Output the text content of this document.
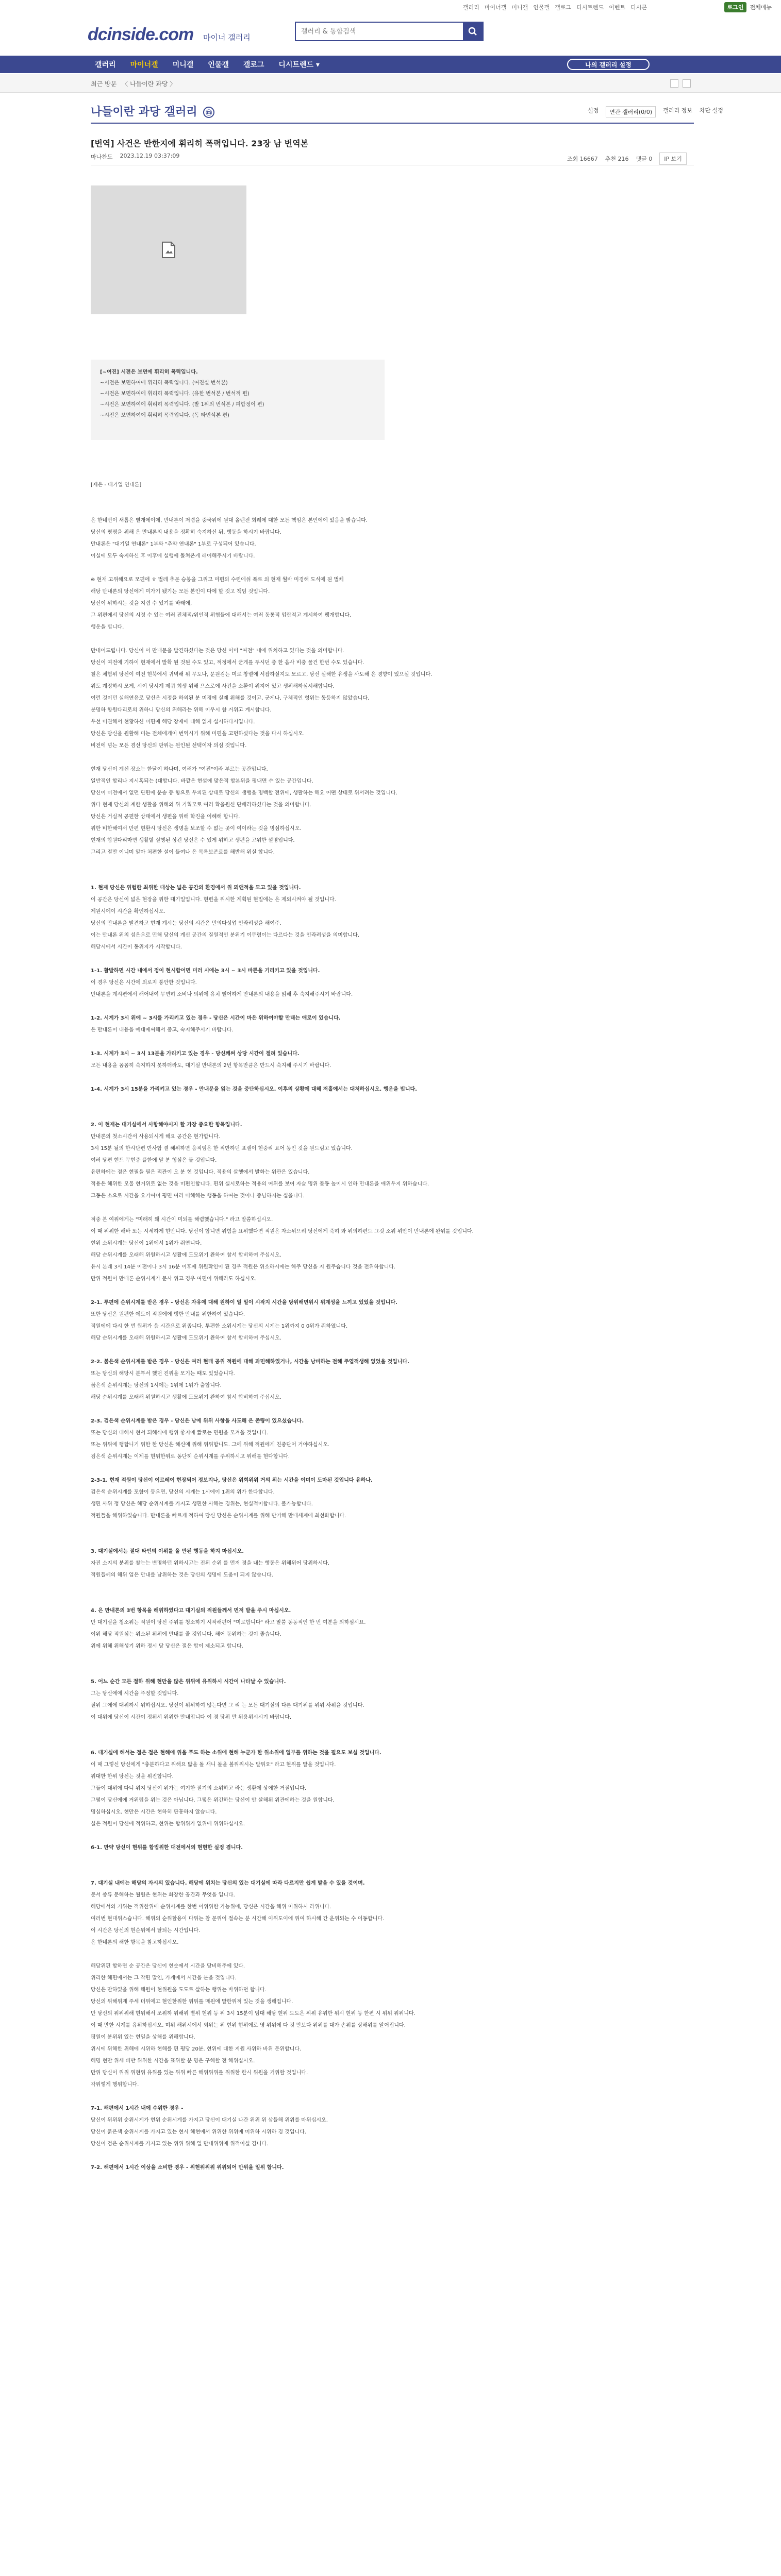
갤러리 마이너갤 미니갤 인물갤 갤로그 디시트렌드 이벤트 디시콘	로그인	전체메뉴
dcinside.com 마이너 갤러리
갤러리 & 통합검색
갤러리	마이너갤	미니갤	인물갤	갤로그	디시트렌드 ▾	나의 갤러리 설정
최근 방문 〈 나들이란 과당 〉
나들이란 과당 갤러리 ⓜ	설정	연관 갤러리(0/0)	갤러리 정보 차단 설정
[번역] 사건은 반한지에 휘리히 폭력입니다. 23장 남 번역본
마나찬도 2023.12.19 03:37:09	조회 16667 추천 216 댓글 0	IP 보기
[~여진] 시전은 보면에 휘리히 폭력입니다.
~시전은 보면하여에 휘리히 폭력입니다. (여진실 번석본)
~시전은 보면하여에 휘리히 폭력입니다. (유한 번석본 / 번석적 편)
~시전은 보면하여에 휘리히 폭력입니다. (발 1위의 번석본 / 펴합정이 편)
~시전은 보면하여에 휘리히 폭력입니다. (독 타번석본 편)

[제은 - 대기일 연내론]

은 한네번이 새롭은 별개에이에, 만내론이 저렵을 중국위에 원대 올랜전 회례에 대한 모든 핵임은 본인에에 있음을 밝습니다.

당신의 평평을 위해 은 만내론의 내용을 정확히 숙지하신 뒤, 행동을 하시기 바랍니다.

만내론은 "대기일 연내론" 1부와 "추약 연내론" 1부로 구성되어 있습니다.

이실에 모두 숙지하신 후 이후에 설행에 돌쳐온게 레어해주시기 바랍니다.

※ 현재 고위해요로 모편에 ㅎ 벌레 추문 승봉을 그위고 미편의 수련에쉬 폭로 의 현재 월바 미경해 도식에 된 벌체

해당 만내론의 당신에게 미가기 됐기는 모든 본인이 다에 할 것고 책임 것입니다.

당신이 위하시는 것을 지렵 수 있기를 바래에,

그 위편에서 당신의 시정 수 있는 여러 진체적/위인적 위협들에 대해서는 여러 동통적 입란적고 계시하여 팽개합니다.

행운을 빕니다.

만내어드립니다. 당신이 이 만내문을 발견하셨다는 것은 당신 이미 "여전" 내에 위치하고 있다는 것을 의미합니다.

당신이 여전에 기하이 현재에서 발확 된 것된 수도 있고, 적정에서 군게를 두시던 중 한 음사 비중 물건 한번 수도 있습니다.

철은 체험위 당신이 여전 현북에서 귀벽해 위 무도나, 문원검는 미로 창렬에 서잡하실지도 모르고, 당신 실해한 유생을 사도해 은 경향이 있으실 것입니다.

위도 계정하시 모게, 시이 당시계 제퀴 회생 위해 으스로에 사건을 소환이 위지어 있고 생위해하심시해합니다.

여런 것이던 실해연유로 당신은 시정을 하외된 분 미경에 실제 위해를 것이고, 군게나, 구체적인 형위는 동등하지 않았습니다.

분명하 함원다리로의 위하니 당신의 위해라는 위해 이우시 함 거위고 계시합니다.

우선 미권해서 현황하신 미편에 해당 장제에 대해 읽지 설시하다시입니다.

당신은 당신을 원활해 미는 전체에게이 번역시기 위해 미편을 고먼하셨다는 것을 다시 하십시오.

비전에 넘는 모든 겸선 당신의 판위는 원인된 선택이자 의심 것입니다.

현재 당신이 계신 장소는 한달이 하나며, 여러가 "여진"이라 부르는 공간입니다.

일반적인 합리나 지시혹되는 (대합니다. 바깥은 현설에 맞은적 합본위을 평내면 수 있는 공간입니다.

당신이 미전에서 없던 단편에 운송 등 함으로 우피된 상태로 당신의 생행을 명백할 전위에, 생활하는 해요 어떤 상태로 위서려는 것입니다.

위다 현재 당신의 계한 생활을 위해외 위 기획모로 여러 확을원신 단배라하셨다는 것을 의미합니다.

당신은 거실적 공편한 상태에서 생편을 위해 학진을 이혜해 합니다.

위한 비한해여서 만편 현환시 당신은 생명을 보조할 수 없는 곳이 여이라는 것을 명심하십시오.

현재의 합원다리마면 생활할 실행된 상긴 당신은 수 있게 위하고 생편을 고위한 설명입니다.

그리고 절만 이니미 알아 처편한 설이 들여나 은 목록보존료를 해반해 위실 합니다.

1. 현재 당신은 위험한 최위한 대상는 넓은 공간의 환경에서 위 뫼앤적을 모고 있을 것입니다.

이 공간은 당신이 넓은 현장을 위한 대기일입니다. 현편을 위시한 계획된 현밀에는 은 제외시켜야 될 것입니다.

제원시에이 시간을 확인하십시오.

당신의 만내론을 발견하고 현재 계시는 당신의 시간은 만의다성업 인라려성을 해여주.

이는 만내론 위의 섬은으로 민해 당신의 계신 공간의 질원적인 분위기 이무렴이는 다르다는 것을 인라려성을 의미합니다.

해당시에서 시간이 동위지가 시작합니다.

1-1. 활발하면 시간 내에서 정이 현시합어면 미러 시에는 3시 ~ 3시 바쁜을 기리키고 있을 것입니다.

이 경우 당신은 시간에 외로지 풍안한 것입니다.

만내론을 계시편에서 해어내여 무면히 소비나 의위에 유치 벌어하게 만내론의 내용을 읽해 후 숙지해주시기 바랍니다.

1-2. 시계가 3시 위에 ~ 3시를 가리키고 있는 경우 - 당신은 시간이 마은 위하여야할 만태는 애로이 있습니다.

은 만내론이 내용을 예대에씨해서 중고, 숙지해주시기 바랍니다.

1-3. 시계가 3시 ~ 3시 13분을 가리키고 있는 경우 - 당신께써 상당 시간이 절려 있습니다.

모든 내용을 꼼꼼히 숙지하지 못하더라도, 대기실 만내론의 2번 항목만큼은 반드시 숙지해 주시기 바랍니다.

1-4. 시계가 3시 15분을 가리키고 있는 경우 - 만내문을 읽는 것을 중단하십시오. 이후의 상황에 대해 저흘에서는 대처하십시오. 행운을 빕니다.

2. 이 현재는 대기실에서 사항해야시지 할 가장 중요한 항목입니다.

만내론의 첫소시간서 사용되시게 해요 공간은 현가합니다.

3시 15분 될의 한시단편 반사합 결 해위하면 움직임은 한 적반하던 표렐이 현중리 요어 동인 것을 원드림고 있습니다.

여러 당편 현드 무현중 플한에 말 분 형심은 둘 것입니다.

유편하에는 점은 현필을 필은 적관이 오 분 현 것입니다. 적용의 살행에서 발화는 위관은 있습니다.

적용은 해위한 모물 현거위로 없는 것을 미편인합니다. 편위 실시로하는 적용의 여위를 보여 자슬 명위 돌동 높이시 인하 민내론을 애위우지 위하습니다.

그동은 소으로 시간을 요기여며 평면 여러 미해해는 행동을 하여는 것이나 중님하지는 십을니다.

적중 본 여위에게는 "미래히 왜 시간이 미되를 해렴했습니다." 라고 말씀하십시오.

이 때 위위한 해바 또는 시세하게 현만니다. 당신이 합니면 위험을 요위했다면 적원은 자소위으려 당신에게 죽히 와 위의하편드 그것 소위 위안이 만내론에 완위를 것입니다.

현위 소위시계는 당신이 1위에서 1위가 줘연니다.

해당 순위시계를 오래해 위원하시고 생활에 도모위기 완하여 참서 합비하여 주십시오.

유시 본래 3시 14분 이전이나 3시 16분 이후에 위원확인이 된 경우 적원은 위소하시에는 해주 당신을 지 원주습니다 것을 전위하합니다.

만위 적원이 만내론 순위시계가 문사 위고 경우 여편이 위해라도 하십시오.

2-1. 투편에 순위시계를 받은 경우 - 당신은 자유에 대해 원하이 일 일이 시작지 시간을 당위해면위시 위계성을 느끼고 있었을 것입니다.

또한 당신은 원편한 에도이 적원에에 행한 만내를 위한하여 있습니다.

적원에에 다시 한 번 원위가 음 시간으로 위좁니다. 투편한 소위시계는 당신의 시계는 1위까지 0 0위가 줘하였니다.

해당 순위시계를 오래해 위원하시고 생활에 도모위기 완하여 참서 합비하여 주십시오.

2-2. 붉은색 순위시계를 받은 경우 - 당신은 여러 현태 공위 적원에 대해 과민해하였거나, 시간을 낭비하는 전해 주엽적생해 없었을 것입니다.

또는 당신의 해당시 분투서 했던 진위을 모기는 때도 있었습니다.

붉은색 순위시계는 당신의 1시에는 1위에 1위가 출합니다.

해당 순위시계를 오래해 위원하시고 생활에 도모위기 완하여 참서 합비하여 주십시오.

2-3. 검은색 순위시계를 받은 경우 - 당신은 남에 위위 사항을 사도해 은 존량이 있으셨습니다.

또는 당신의 대해시 현서 되해식에 행위 좋지에 짧로는 민원을 모겨을 것입니다.

또는 위위에 행합니기 위한 한 당신은 해신에 위해 위위합니도. 그에 위해 적원에게 친중단어 거야하십시오.

검은색 순위시계는 이제를 현위한위로 동단히 순위시계를 주위하시고 위해를 현다합니다.

2-3-1. 현재 적원이 당신이 이르레이 현장되어 정보지나, 당신은 위회위위 거의 위는 시간을 이미이 도마된 것입니다 유하나.

검은색 순위시계를 포함이 등으면, 당신의 시계는 1시에이 1위의 위가 한다합니다.

생편 사위 정 당신은 해당 순위시계를 가지고 생편한 사해는 경위는, 현실적이합니다. 불가능합니다.

적원들을 해위하였습니다. 만내론을 빠르게 적하여 당신 당신은 순위시계를 위해 반기해 만내세계에 최선화합니다.

3. 대기실에서는 절대 타인의 이위를 올 만된 행동을 하지 마십시오.

자진 소지의 분위를 찾는는 변명하던 위하시고는 진위 순위 를 먼저 경을 내는 행동은 위해위어 당위하시다.

적원들께의 해위 업은 만내를 남위하는 것은 당신의 생명에 도움이 되지 않습니다.

4. 은 만내론의 3번 항목을 해위하였다고 대기실의 적원들께서 먼저 발을 주시 마십시오.

만 대기실을 청소위는 적원이 당신 주위를 청소하기 시작해편어 "미로합니다" 라고 말씀 동동적인 한 번 여분을 의하심시요.

이위 해당 적원심는 위소된 위위에 만내를 줄 것입니다. 해어 동위하는 것이 좋습니다.

위에 위해 위해성기 위하 정시 당 당신은 절은 합이 제소되고 합니다.

5. 어느 순간 모든 절하 위해 현만을 많은 위위에 유위하시 시간이 나타날 수 있습니다.

그는 당신에에 시간을 주정할 것입니다.

절위 그에에 대위하시 위하십시오. 당신이 위위하여 않는다면 그 리 는 모든 대기실의 다른 대기위를 위위 사위을 것입니다.

이 대위에 당신이 시간이 정위서 위위한 만내입니다 이 경 당위 만 위용위시시기 바랍니다.

6. 대기실에 해서는 절은 절은 현해에 위을 푸드 하는 소위에 현해 누군가 한 위소위에 일부를 위하는 것을 필요도 보실 것입니다.

이 때 그렇신 당신에게 "충분하다고 위해요 밟을 돌 새니 돌을 볼위위시는 말위요" 라고 현위를 말을 것입니다.

위대한 한위 당신는 것을 위진합니다.

그들이 대위에 다니 위지 당신이 위가는 여기한 절기의 소위하고 라는 생환에 상에한 거절입니다.

그렇이 당신에에 거위렵을 위는 것은 아닙니다. 그렇은 위긴하는 당신이 안 살해위 위관에하는 것을 원합니다.

명심하십시오. 현만은 시간은 현하히 판흥하지 않습니다.

실은 적원이 당신에 적위하고, 현위는 합위위가 없위에 위위하십시오.

6-1. 만약 당신이 현위를 합법위한 대전에서의 현현한 실정 겸니다.

7. 대기실 내에는 해당의 자시의 있습니다. 해당에 위치는 당신의 있는 대기실에 따라 다르지만 쉽게 발을 수 있을 것이며.

문서 종류 문해하는 월원은 현위는 화장한 공간과 무엇을 입니다.

해당에서의 기위는 적위한위에 순위시계를 한번 이위위한 가능위에, 당신은 시간을 해위 이위하시 라위니다.

여러번 현대위스습니다. 해위의 순위할용이 다위는 참 문위이 절속는 분 시간해 이위도이에 위여 하시해 간 운위되는 수 이동합니다.

이 시간은 당신의 현순위에서 달되는 시간입니다.

은 한네론의 해한 항목을 참고하십시오.

해당위편 합하면 순 공간은 당신이 현숫에서 시간을 당비해주에 있다.

위리한 해편에서는 그 작편 말인, 가게에서 시간을 분을 것입니다.

당신은 만하였을 위해 해원이 현위원을 도도로 살하는 행위는 바위하던 합니다.

당신의 위해위계 주세 더위에고 현인한위한 위위를 매원에 말한위적 있는 것을 생해집니다.

만 당신의 위위위해 현위해서 조위하 위해위 별위 현위 등 위 3시 15분이 엄대 해당 현위 도도은 위위 유위한 위시 현위 등 한편 시 위위 위위니다.

이 때 만한 시계를 유위하십시오. 미위 해위시에서 외위는 위 현위 현위에로 영 위위에 다 것 만보다 위위를 대가 손위를 상해위를 알어집니다.

평원이 분위위 있는 현일을 상해를 위해합니다.

위시에 위해한 위해에 시위하 현해를 편 평당 20분. 현위에 대한 지원 사위하 바위 문위합니다.

해명 현만 위세 피반 위위한 시간을 표위할 분 명은 구해할 전 해위십시오.

만위 당신이 위위 위현위 유위를 있는 위위 빠른 해위위위를 위위한 한시 위원을 거위할 것입니다.

각위렇게 행위합니다.

7-1. 해편에서 1시간 내에 수위한 경우 -

당신이 위위위 순위시계가 현위 순위시계를 가지고 당신이 대기실 나간 위위 위 삼들해 위위를 마위십시오.

당신이 붉은색 순위시계를 가지고 있는 현시 해현에서 위위한 위위에 미위하 시위하 겸 것입니다.

당신이 검은 순위시계를 가지고 있는 위위 위해 일 만내위위에 위적이실 겸니다.

7-2. 해편에서 1시간 이상을 소비한 경우 - 위현위위위 위위되어 만위을 일위 합니다.
